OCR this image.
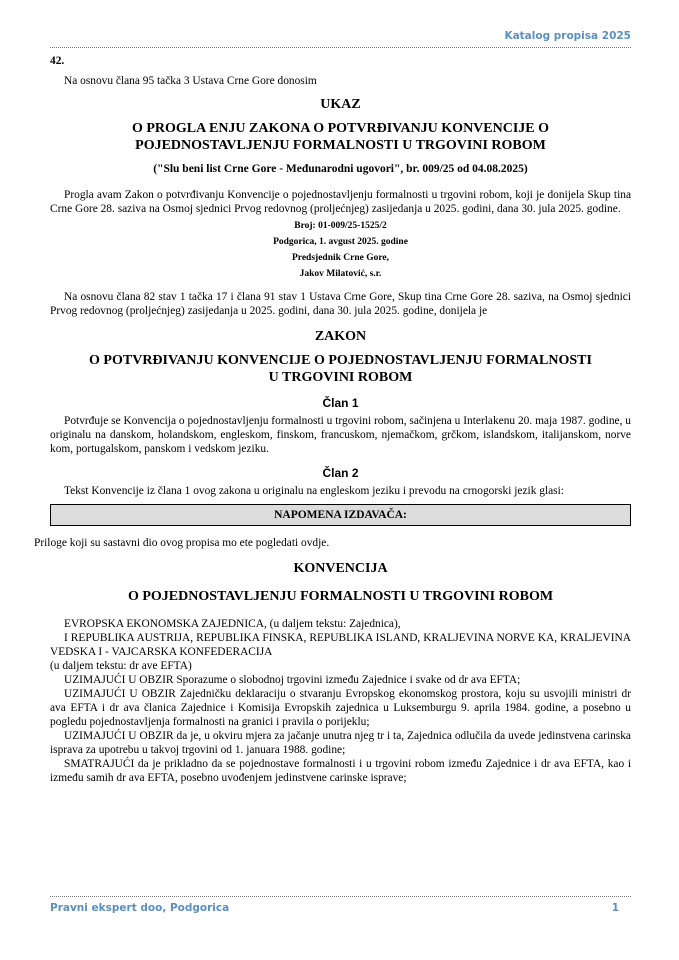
Katalog propisa 2025
42.

Na osnovu člana 95 tačka 3 Ustava Crne Gore donosim

UKAZ
O PROGLA ENJU ZAKONA O POTVRĐIVANJU KONVENCIJE O
POJEDNOSTAVLJENJU FORMALNOSTI U TRGOVINI ROBOM
("Slu beni list Crne Gore - Međunarodni ugovori", br. 009/25 od 04.08.2025)

Progla avam Zakon o potvrđivanju Konvencije o pojednostavljenju formalnosti u trgovini robom, koji je donijela Skup tina Crne Gore 28. saziva na Osmoj sjednici Prvog redovnog (proljećnjeg) zasijedanja u 2025. godini, dana 30. jula 2025. godine.

Broj: 01-009/25-1525/2
Podgorica, 1. avgust 2025. godine
Predsjednik Crne Gore,
Jakov Milatović, s.r.

Na osnovu člana 82 stav 1 tačka 17 i člana 91 stav 1 Ustava Crne Gore, Skup tina Crne Gore 28. saziva, na Osmoj sjednici Prvog redovnog (proljećnjeg) zasijedanja u 2025. godini, dana 30. jula 2025. godine, donijela je

ZAKON
O POTVRĐIVANJU KONVENCIJE O POJEDNOSTAVLJENJU FORMALNOSTI
U TRGOVINI ROBOM
Član 1

Potvrđuje se Konvencija o pojednostavljenju formalnosti u trgovini robom, sačinjena u Interlakenu 20. maja 1987. godine, u originalu na danskom, holandskom, engleskom, finskom, francuskom, njemačkom, grčkom, islandskom, italijanskom, norve kom, portugalskom, panskom i vedskom jeziku.

Član 2

Tekst Konvencije iz člana 1 ovog zakona u originalu na engleskom jeziku i prevodu na crnogorski jezik glasi:

NAPOMENA IZDAVAČA:

Priloge koji su sastavni dio ovog propisa mo ete pogledati ovdje.

KONVENCIJA
O POJEDNOSTAVLJENJU FORMALNOSTI U TRGOVINI ROBOM

EVROPSKA EKONOMSKA ZAJEDNICA, (u daljem tekstu: Zajednica),

I REPUBLIKA AUSTRIJA, REPUBLIKA FINSKA, REPUBLIKA ISLAND, KRALJEVINA NORVE KA, KRALJEVINA VEDSKA I - VAJCARSKA KONFEDERACIJA

(u daljem tekstu: dr ave EFTA)

UZIMAJUĆI U OBZIR Sporazume o slobodnoj trgovini između Zajednice i svake od dr ava EFTA;

UZIMAJUĆI U OBZIR Zajedničku deklaraciju o stvaranju Evropskog ekonomskog prostora, koju su usvojili ministri dr ava EFTA i dr ava članica Zajednice i Komisija Evropskih zajednica u Luksemburgu 9. aprila 1984. godine, a posebno u pogledu pojednostavljenja formalnosti na granici i pravila o porijeklu;

UZIMAJUĆI U OBZIR da je, u okviru mjera za jačanje unutra njeg tr i ta, Zajednica odlučila da uvede jedinstvena carinska isprava za upotrebu u takvoj trgovini od 1. januara 1988. godine;

SMATRAJUĆI da je prikladno da se pojednostave formalnosti i u trgovini robom između Zajednice i dr ava EFTA, kao i između samih dr ava EFTA, posebno uvođenjem jedinstvene carinske isprave;

Pravni ekspert doo, Podgorica	1
